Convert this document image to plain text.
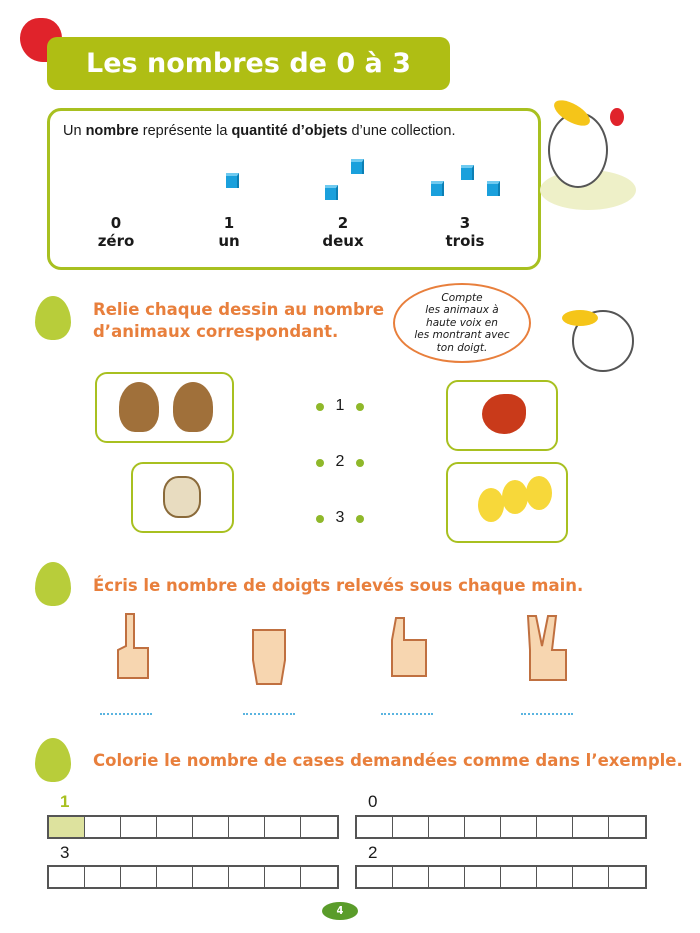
Les nombres de 0 à 3
Un nombre représente la quantité d’objets d’une collection.
0
zéro
1
un
2
deux
3
trois
Relie chaque dessin au nombre
d’animaux correspondant.
Compte
les animaux à
haute voix en
les montrant avec
ton doigt.
1
2
3
Écris le nombre de doigts relevés sous chaque main.
Colorie le nombre de cases demandées comme dans l’exemple.
1	0
3	2
4
